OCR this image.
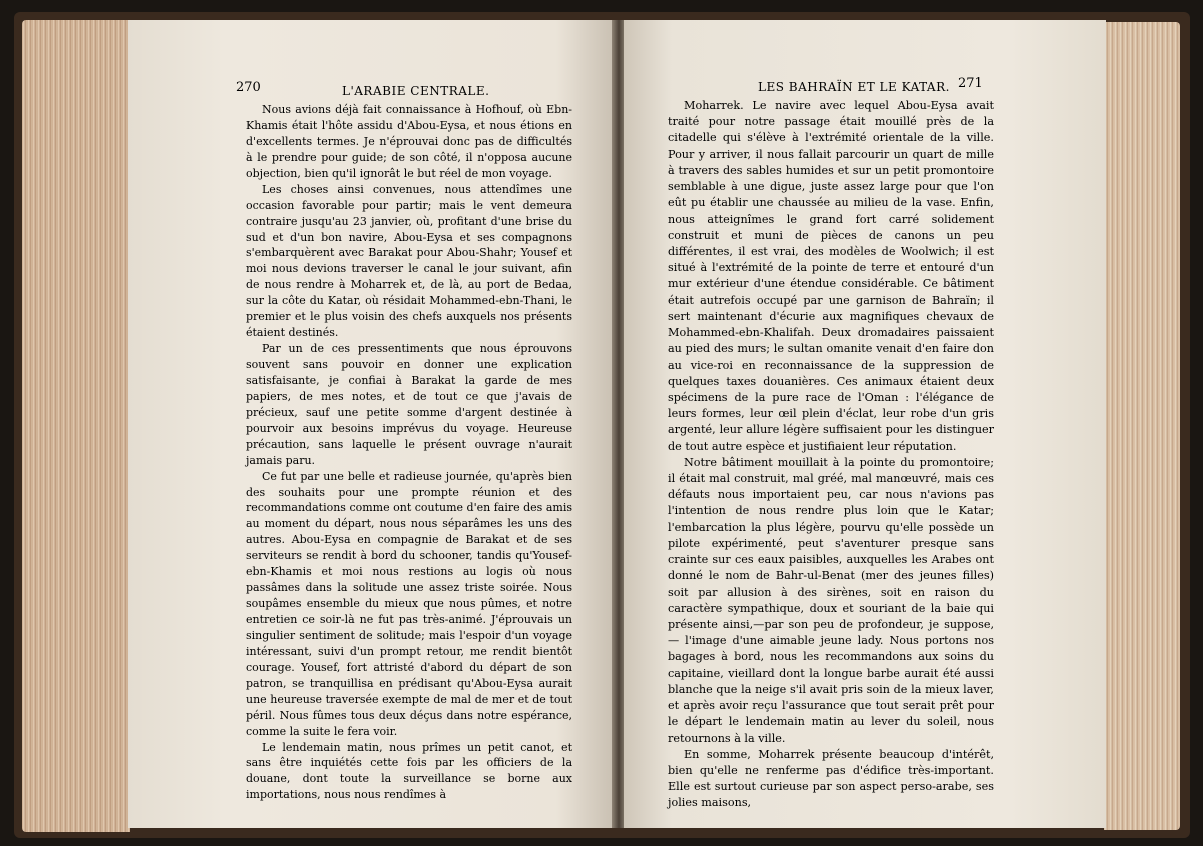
270	L'ARABIE CENTRALE.	LES BAHRAÏN ET LE KATAR. 271

Nous avions déjà fait connaissance à Hofhouf, où Ebn-Khamis était l'hôte assidu d'Abou-Eysa, et nous étions en d'excellents termes. Je n'éprouvai donc pas de difficultés à le prendre pour guide; de son côté, il n'opposa aucune objection, bien qu'il ignorât le but réel de mon voyage.

Les choses ainsi convenues, nous attendîmes une occasion favorable pour partir; mais le vent demeura contraire jusqu'au 23 janvier, où, profitant d'une brise du sud et d'un bon navire, Abou-Eysa et ses compagnons s'embarquèrent avec Barakat pour Abou-Shahr; Yousef et moi nous devions traverser le canal le jour suivant, afin de nous rendre à Moharrek et, de là, au port de Bedaa, sur la côte du Katar, où résidait Mohammed-ebn-Thani, le premier et le plus voisin des chefs auxquels nos présents étaient destinés.

Par un de ces pressentiments que nous éprouvons souvent sans pouvoir en donner une explication satisfaisante, je confiai à Barakat la garde de mes papiers, de mes notes, et de tout ce que j'avais de précieux, sauf une petite somme d'argent destinée à pourvoir aux besoins imprévus du voyage. Heureuse précaution, sans laquelle le présent ouvrage n'aurait jamais paru.

Ce fut par une belle et radieuse journée, qu'après bien des souhaits pour une prompte réunion et des recommandations comme ont coutume d'en faire des amis au moment du départ, nous nous séparâmes les uns des autres. Abou-Eysa en compagnie de Barakat et de ses serviteurs se rendit à bord du schooner, tandis qu'Yousef-ebn-Khamis et moi nous restions au logis où nous passâmes dans la solitude une assez triste soirée. Nous soupâmes ensemble du mieux que nous pûmes, et notre entretien ce soir-là ne fut pas très-animé. J'éprouvais un singulier sentiment de solitude; mais l'espoir d'un voyage intéressant, suivi d'un prompt retour, me rendit bientôt courage. Yousef, fort attristé d'abord du départ de son patron, se tranquillisa en prédisant qu'Abou-Eysa aurait une heureuse traversée exempte de mal de mer et de tout péril. Nous fûmes tous deux déçus dans notre espérance, comme la suite le fera voir.

Le lendemain matin, nous prîmes un petit canot, et sans être inquiétés cette fois par les officiers de la douane, dont toute la surveillance se borne aux importations, nous nous rendîmes à

Moharrek. Le navire avec lequel Abou-Eysa avait traité pour notre passage était mouillé près de la citadelle qui s'élève à l'extrémité orientale de la ville. Pour y arriver, il nous fallait parcourir un quart de mille à travers des sables humides et sur un petit promontoire semblable à une digue, juste assez large pour que l'on eût pu établir une chaussée au milieu de la vase. Enfin, nous atteignîmes le grand fort carré solidement construit et muni de pièces de canons un peu différentes, il est vrai, des modèles de Woolwich; il est situé à l'extrémité de la pointe de terre et entouré d'un mur extérieur d'une étendue considérable. Ce bâtiment était autrefois occupé par une garnison de Bahraïn; il sert maintenant d'écurie aux magnifiques chevaux de Mohammed-ebn-Khalifah. Deux dromadaires paissaient au pied des murs; le sultan omanite venait d'en faire don au vice-roi en reconnaissance de la suppression de quelques taxes douanières. Ces animaux étaient deux spécimens de la pure race de l'Oman : l'élégance de leurs formes, leur œil plein d'éclat, leur robe d'un gris argenté, leur allure légère suffisaient pour les distinguer de tout autre espèce et justifiaient leur réputation.

Notre bâtiment mouillait à la pointe du promontoire; il était mal construit, mal gréé, mal manœuvré, mais ces défauts nous importaient peu, car nous n'avions pas l'intention de nous rendre plus loin que le Katar; l'embarcation la plus légère, pourvu qu'elle possède un pilote expérimenté, peut s'aventurer presque sans crainte sur ces eaux paisibles, auxquelles les Arabes ont donné le nom de Bahr-ul-Benat (mer des jeunes filles) soit par allusion à des sirènes, soit en raison du caractère sympathique, doux et souriant de la baie qui présente ainsi,—par son peu de profondeur, je suppose, — l'image d'une aimable jeune lady. Nous portons nos bagages à bord, nous les recommandons aux soins du capitaine, vieillard dont la longue barbe aurait été aussi blanche que la neige s'il avait pris soin de la mieux laver, et après avoir reçu l'assurance que tout serait prêt pour le départ le lendemain matin au lever du soleil, nous retournons à la ville.

En somme, Moharrek présente beaucoup d'intérêt, bien qu'elle ne renferme pas d'édifice très-important. Elle est surtout curieuse par son aspect perso-arabe, ses jolies maisons,
